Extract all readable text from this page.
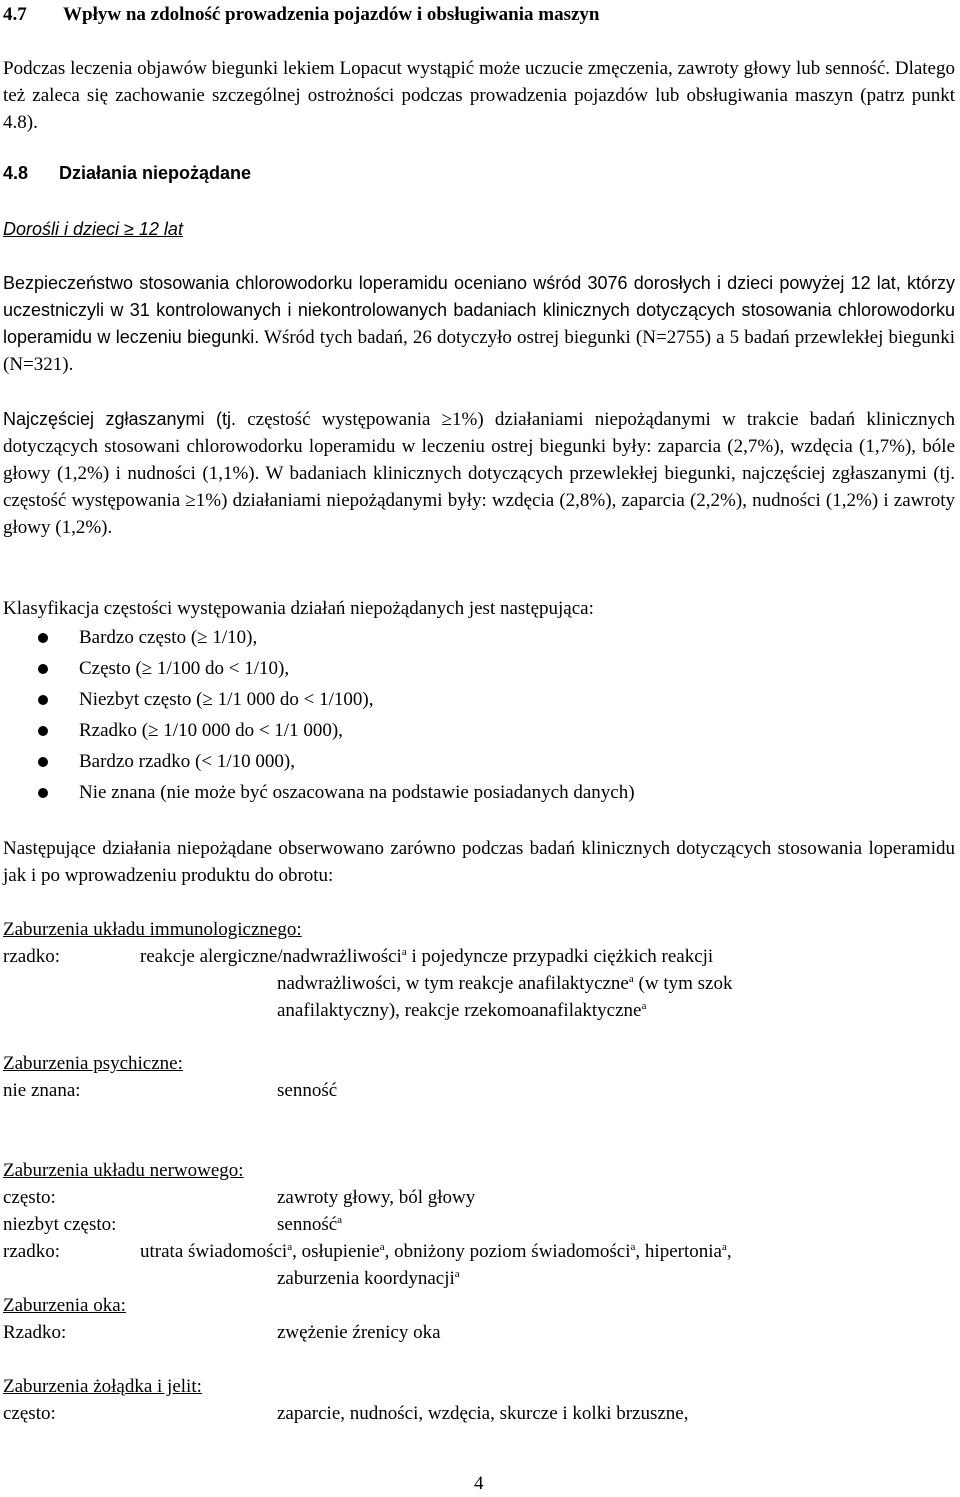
4.7 Wpływ na zdolność prowadzenia pojazdów i obsługiwania maszyn
Podczas leczenia objawów biegunki lekiem Lopacut wystąpić może uczucie zmęczenia, zawroty głowy lub senność. Dlatego też zaleca się zachowanie szczególnej ostrożności podczas prowadzenia pojazdów lub obsługiwania maszyn (patrz punkt 4.8).
4.8 Działania niepożądane
Dorośli i dzieci ≥ 12 lat
Bezpieczeństwo stosowania chlorowodorku loperamidu oceniano wśród 3076 dorosłych i dzieci powyżej 12 lat, którzy uczestniczyli w 31 kontrolowanych i niekontrolowanych badaniach klinicznych dotyczących stosowania chlorowodorku loperamidu w leczeniu biegunki. Wśród tych badań, 26 dotyczyło ostrej biegunki (N=2755) a 5 badań przewlekłej biegunki (N=321).
Najczęściej zgłaszanymi (tj. częstość występowania ≥1%) działaniami niepożądanymi w trakcie badań klinicznych dotyczących stosowani chlorowodorku loperamidu w leczeniu ostrej biegunki były: zaparcia (2,7%), wzdęcia (1,7%), bóle głowy (1,2%) i nudności (1,1%). W badaniach klinicznych dotyczących przewlekłej biegunki, najczęściej zgłaszanymi (tj. częstość występowania ≥1%) działaniami niepożądanymi były: wzdęcia (2,8%), zaparcia (2,2%), nudności (1,2%) i zawroty głowy (1,2%).
Klasyfikacja częstości występowania działań niepożądanych jest następująca:
Bardzo często (≥ 1/10),
Często (≥ 1/100 do < 1/10),
Niezbyt często (≥ 1/1 000 do < 1/100),
Rzadko (≥ 1/10 000 do < 1/1 000),
Bardzo rzadko (< 1/10 000),
Nie znana (nie może być oszacowana na podstawie posiadanych danych)
Następujące działania niepożądane obserwowano zarówno podczas badań klinicznych dotyczących stosowania loperamidu jak i po wprowadzeniu produktu do obrotu:
Zaburzenia układu immunologicznego:
rzadko:	reakcje alergiczne/nadwrażliwości$^a$ i pojedyncze przypadki ciężkich reakcji
nadwrażliwości, w tym reakcje anafilaktyczne$^a$ (w tym szok
anafilaktyczny), reakcje rzekomoanafilaktyczne$^a$
Zaburzenia psychiczne:
nie znana:	senność
Zaburzenia układu nerwowego:
często:	zawroty głowy, ból głowy
niezbyt często:	senność$^a$
rzadko:	utrata świadomości$^a$, osłupienie$^a$, obniżony poziom świadomości$^a$, hipertonia$^a$,
zaburzenia koordynacji$^a$
Zaburzenia oka:
Rzadko:	zwężenie źrenicy oka
Zaburzenia żołądka i jelit:
często:	zaparcie, nudności, wzdęcia, skurcze i kolki brzuszne,
4
